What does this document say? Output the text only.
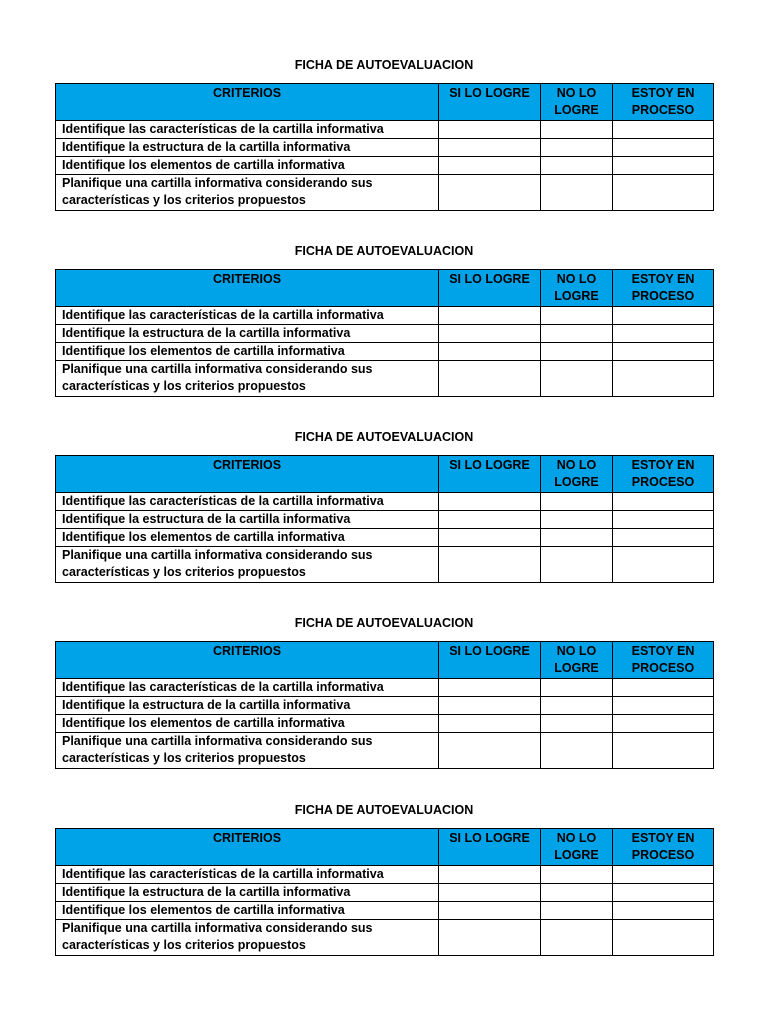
FICHA DE AUTOEVALUACION
CRITERIOS	SI LO LOGRE	NO LO LOGRE	ESTOY EN PROCESO
Identifique las características de la cartilla informativa			
Identifique la estructura de la cartilla informativa			
Identifique los elementos de cartilla informativa			
Planifique una cartilla informativa considerando sus características y los criterios propuestos			
FICHA DE AUTOEVALUACION
CRITERIOS	SI LO LOGRE	NO LO LOGRE	ESTOY EN PROCESO
Identifique las características de la cartilla informativa			
Identifique la estructura de la cartilla informativa			
Identifique los elementos de cartilla informativa			
Planifique una cartilla informativa considerando sus características y los criterios propuestos			
FICHA DE AUTOEVALUACION
CRITERIOS	SI LO LOGRE	NO LO LOGRE	ESTOY EN PROCESO
Identifique las características de la cartilla informativa			
Identifique la estructura de la cartilla informativa			
Identifique los elementos de cartilla informativa			
Planifique una cartilla informativa considerando sus características y los criterios propuestos			
FICHA DE AUTOEVALUACION
CRITERIOS	SI LO LOGRE	NO LO LOGRE	ESTOY EN PROCESO
Identifique las características de la cartilla informativa			
Identifique la estructura de la cartilla informativa			
Identifique los elementos de cartilla informativa			
Planifique una cartilla informativa considerando sus características y los criterios propuestos			
FICHA DE AUTOEVALUACION
CRITERIOS	SI LO LOGRE	NO LO LOGRE	ESTOY EN PROCESO
Identifique las características de la cartilla informativa			
Identifique la estructura de la cartilla informativa			
Identifique los elementos de cartilla informativa			
Planifique una cartilla informativa considerando sus características y los criterios propuestos			
